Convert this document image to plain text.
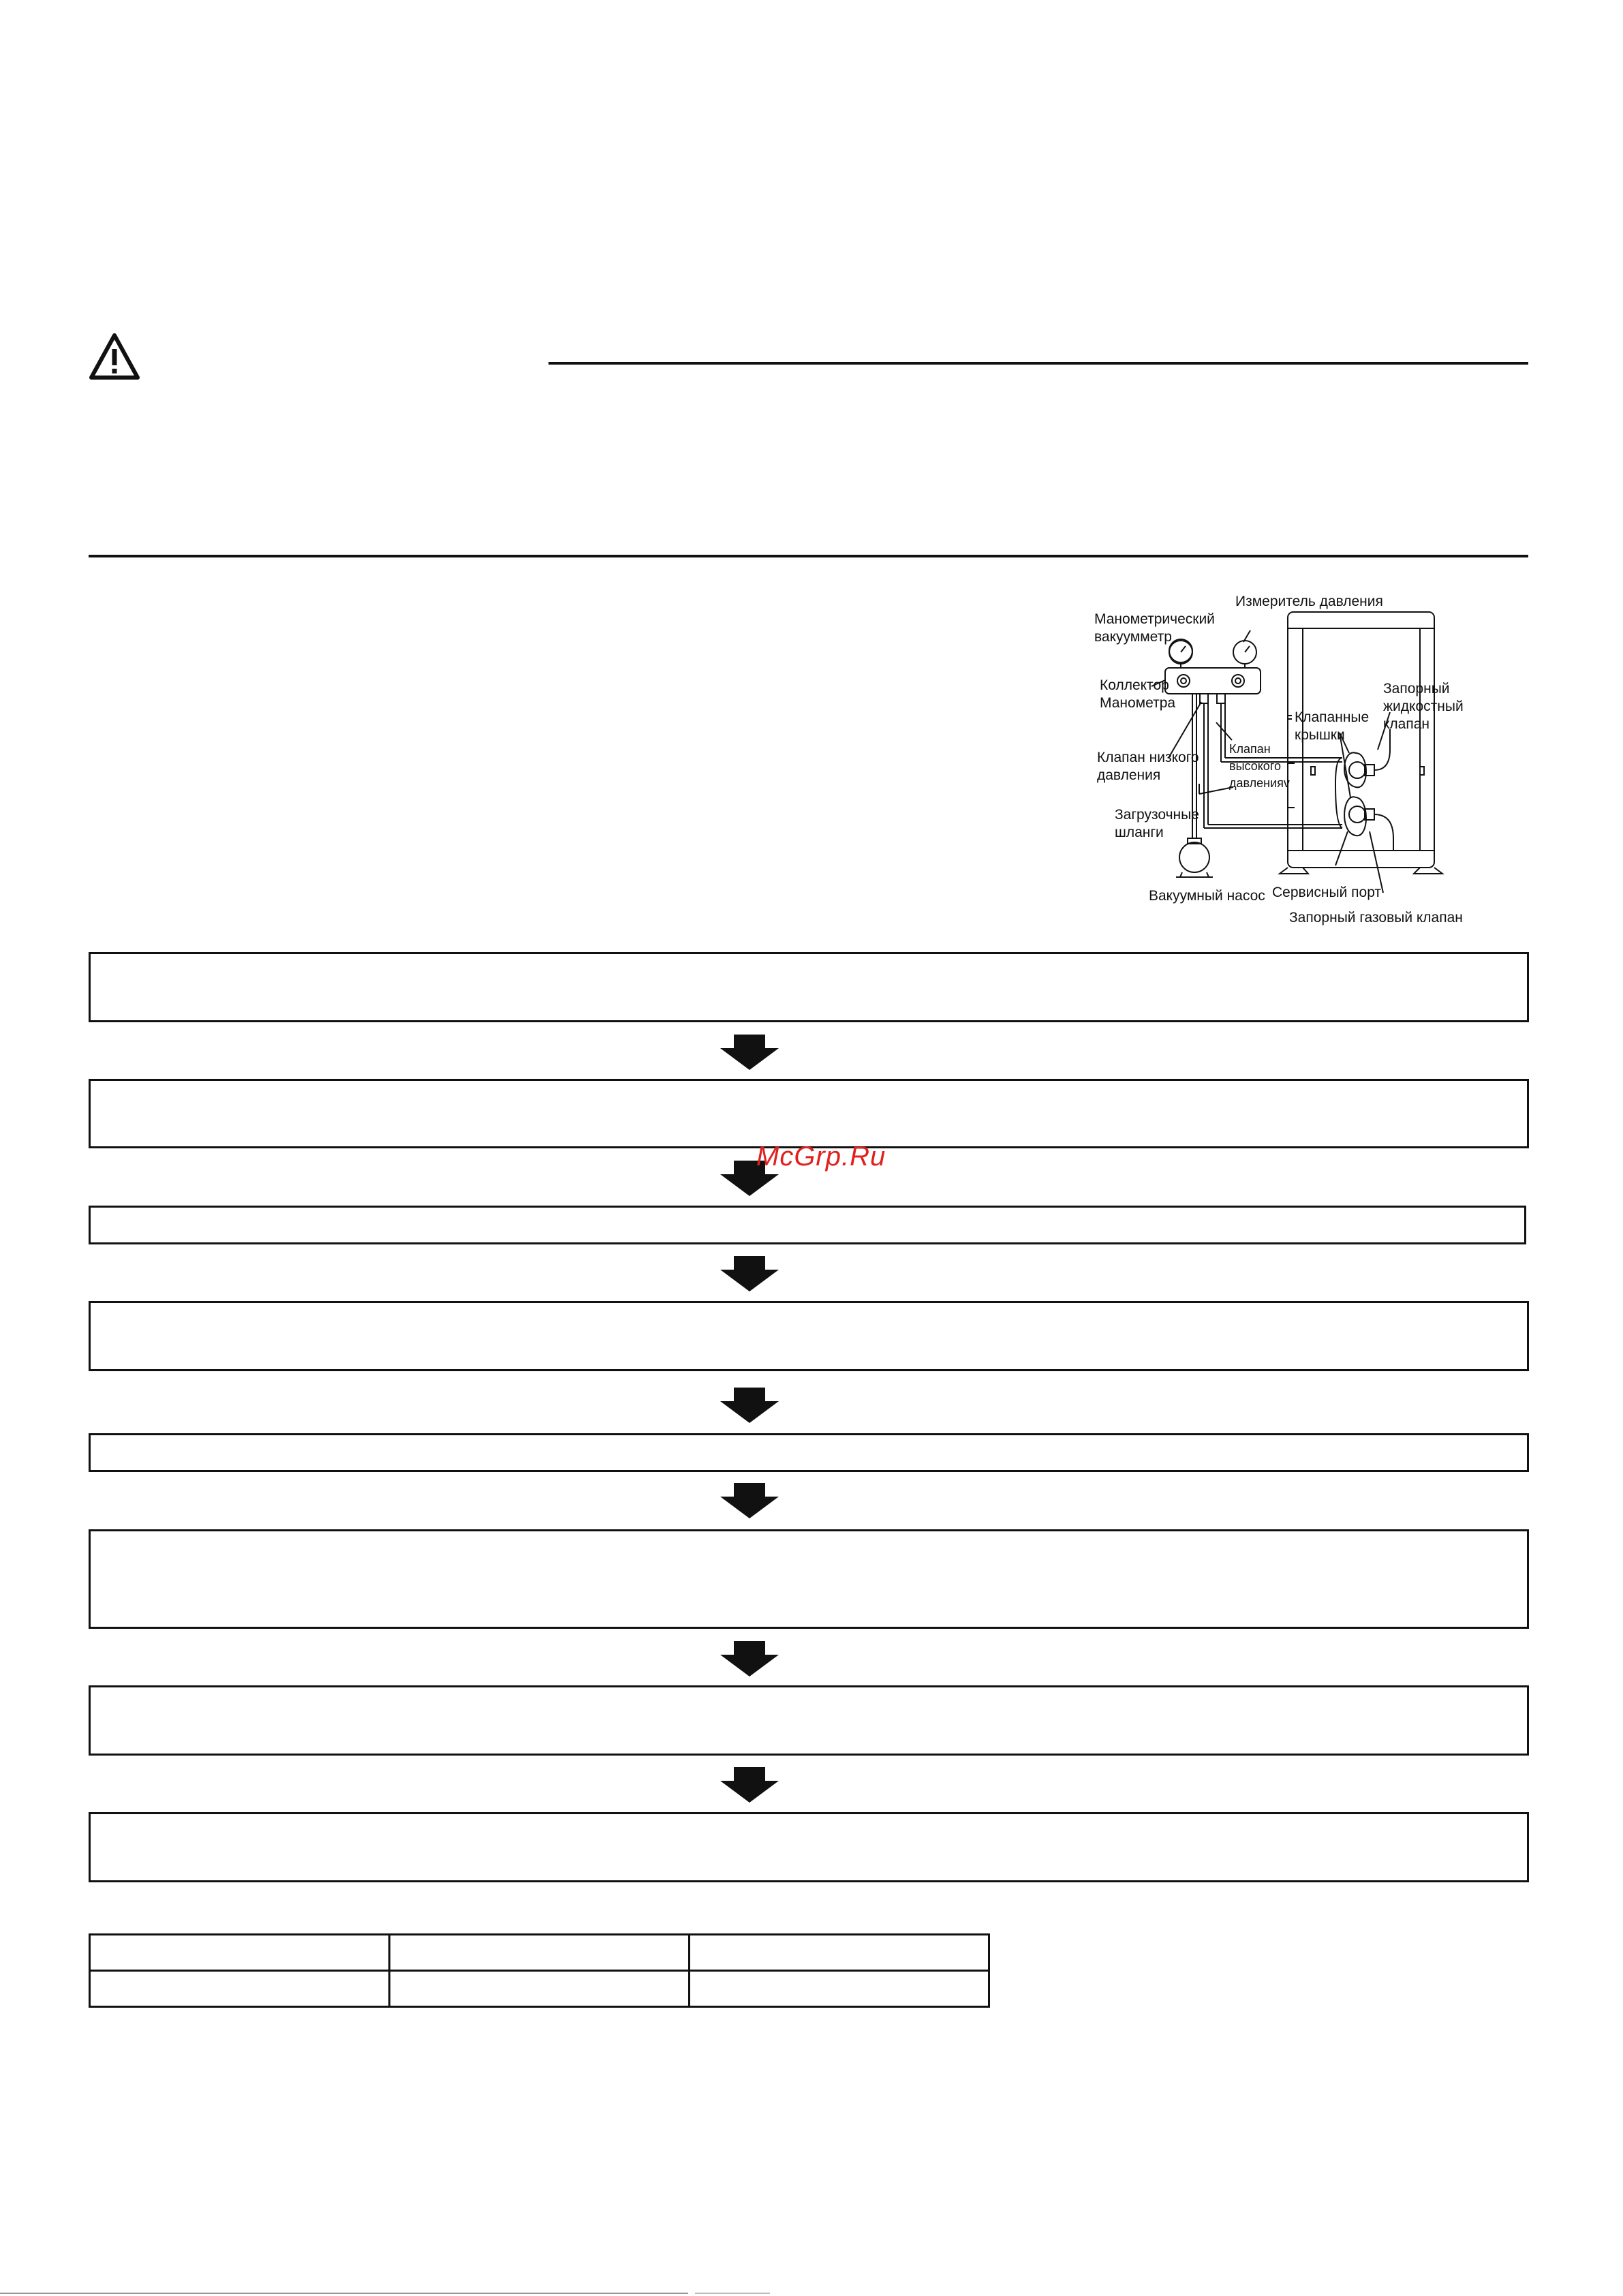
Измеритель давления
Манометрический
вакуумметр
Коллектор
Манометра
Клапан низкого
давления
Клапан
высокого
давленияv
Загрузочные
шланги
Вакуумный насос
Клапанные
крышки
Запорный
жидкостный
клапан
Сервисный порт
Запорный газовый клапан
McGrp.Ru
